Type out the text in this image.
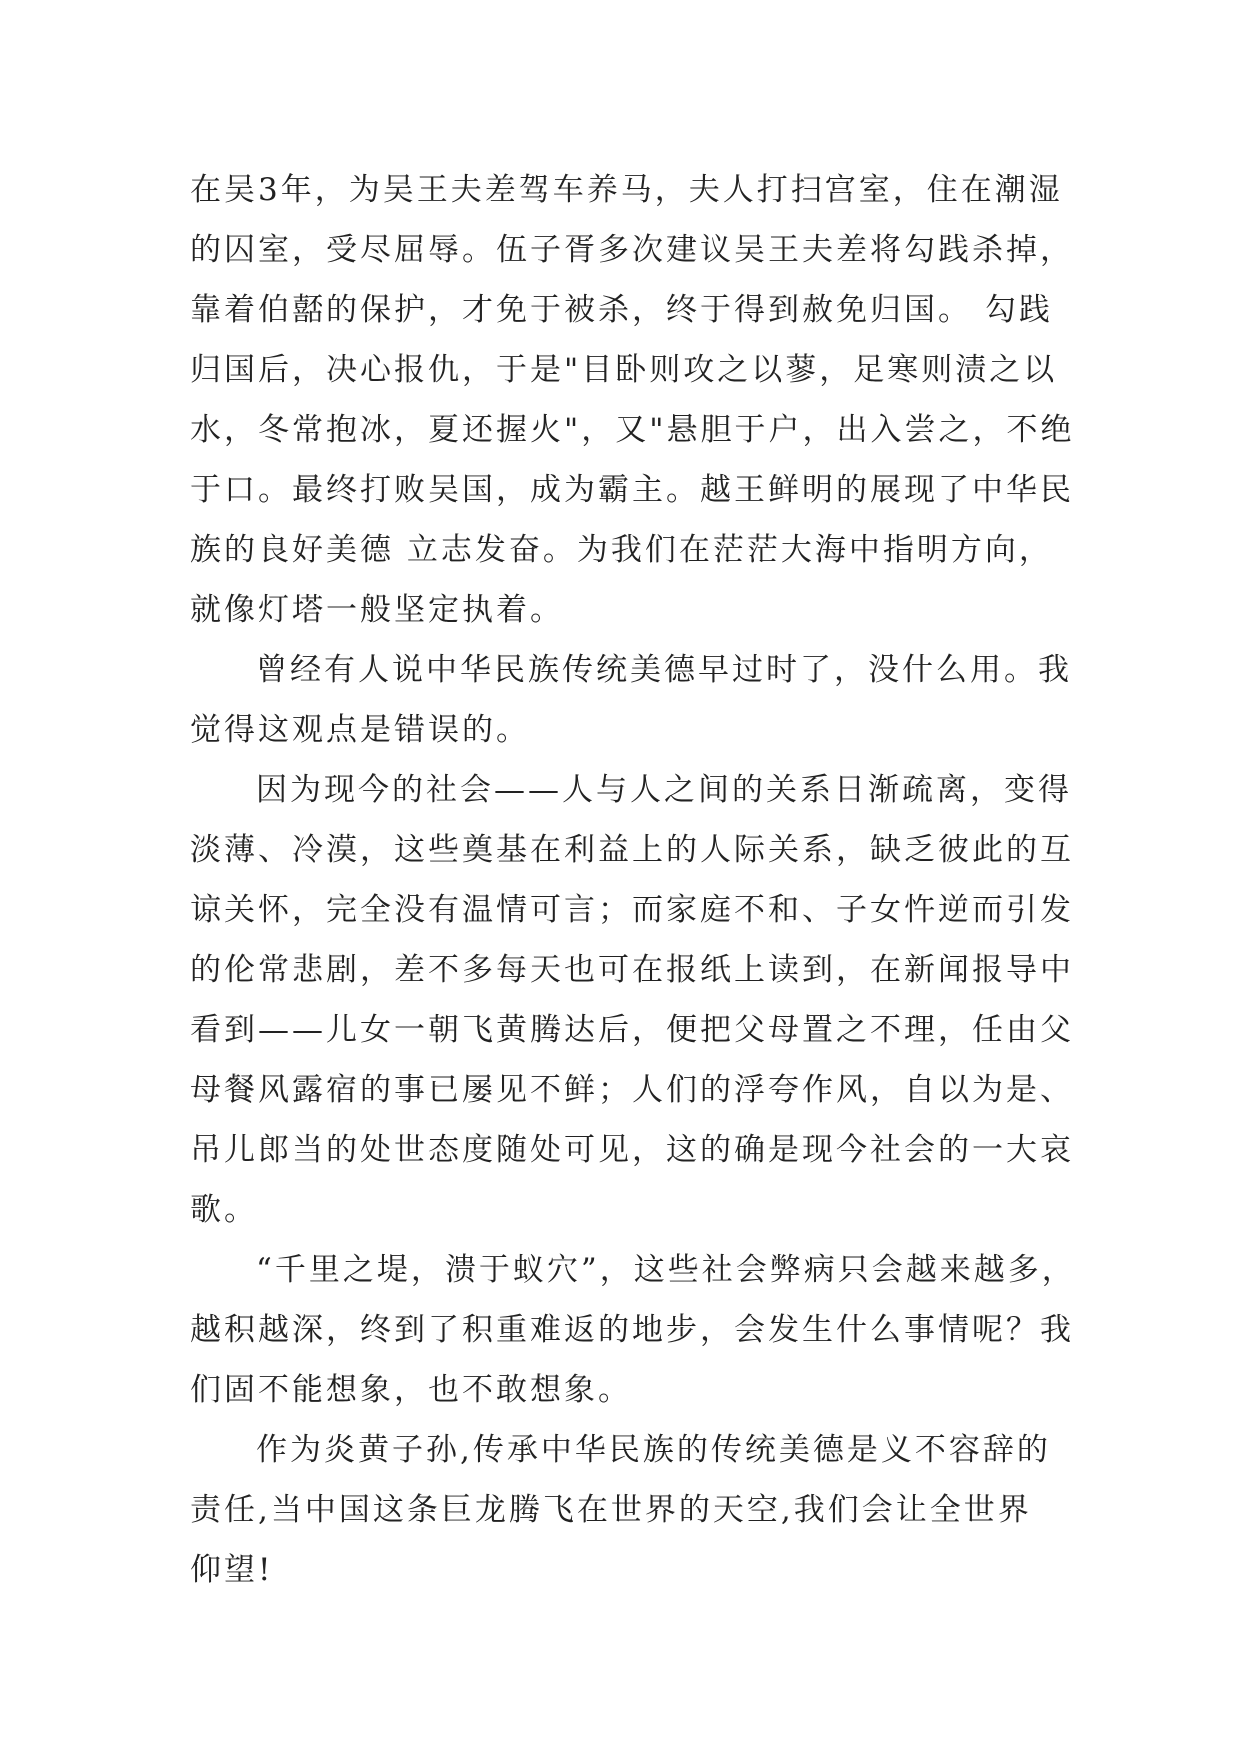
在吴3年，为吴王夫差驾车养马，夫人打扫宫室，住在潮湿
的囚室，受尽屈辱。伍子胥多次建议吴王夫差将勾践杀掉，
靠着伯嚭的保护，才免于被杀，终于得到赦免归国。 勾践
归国后，决心报仇，于是"目卧则攻之以蓼，足寒则渍之以
水，冬常抱冰，夏还握火"，又"悬胆于户，出入尝之，不绝
于口。最终打败吴国，成为霸主。越王鲜明的展现了中华民
族的良好美德 立志发奋。为我们在茫茫大海中指明方向，
就像灯塔一般坚定执着。
曾经有人说中华民族传统美德早过时了，没什么用。我
觉得这观点是错误的。
因为现今的社会——人与人之间的关系日渐疏离，变得
淡薄、冷漠，这些奠基在利益上的人际关系，缺乏彼此的互
谅关怀，完全没有温情可言；而家庭不和、子女忤逆而引发
的伦常悲剧，差不多每天也可在报纸上读到，在新闻报导中
看到——儿女一朝飞黄腾达后，便把父母置之不理，任由父
母餐风露宿的事已屡见不鲜；人们的浮夸作风，自以为是、
吊儿郎当的处世态度随处可见，这的确是现今社会的一大哀
歌。
“千里之堤，溃于蚁穴”，这些社会弊病只会越来越多，
越积越深，终到了积重难返的地步，会发生什么事情呢？我
们固不能想象，也不敢想象。
作为炎黄子孙,传承中华民族的传统美德是义不容辞的
责任,当中国这条巨龙腾飞在世界的天空,我们会让全世界
仰望!
